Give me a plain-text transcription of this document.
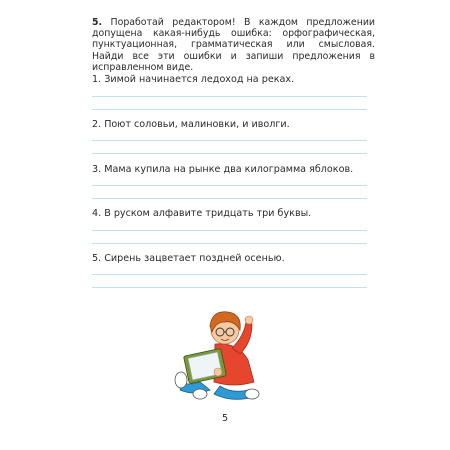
5. Поработай редактором! В каждом предложении допущена какая-нибудь ошибка: орфографическая, пунктуационная, грамматическая или смысловая. Найди все эти ошибки и запиши предложения в исправленном виде.

1. Зимой начинается ледоход на реках.
2. Поют соловьи, малиновки, и иволги.
3. Мама купила на рынке два килограмма яблоков.
4. В руском алфавите тридцать три буквы.
5. Сирень зацветает поздней осенью.
5
